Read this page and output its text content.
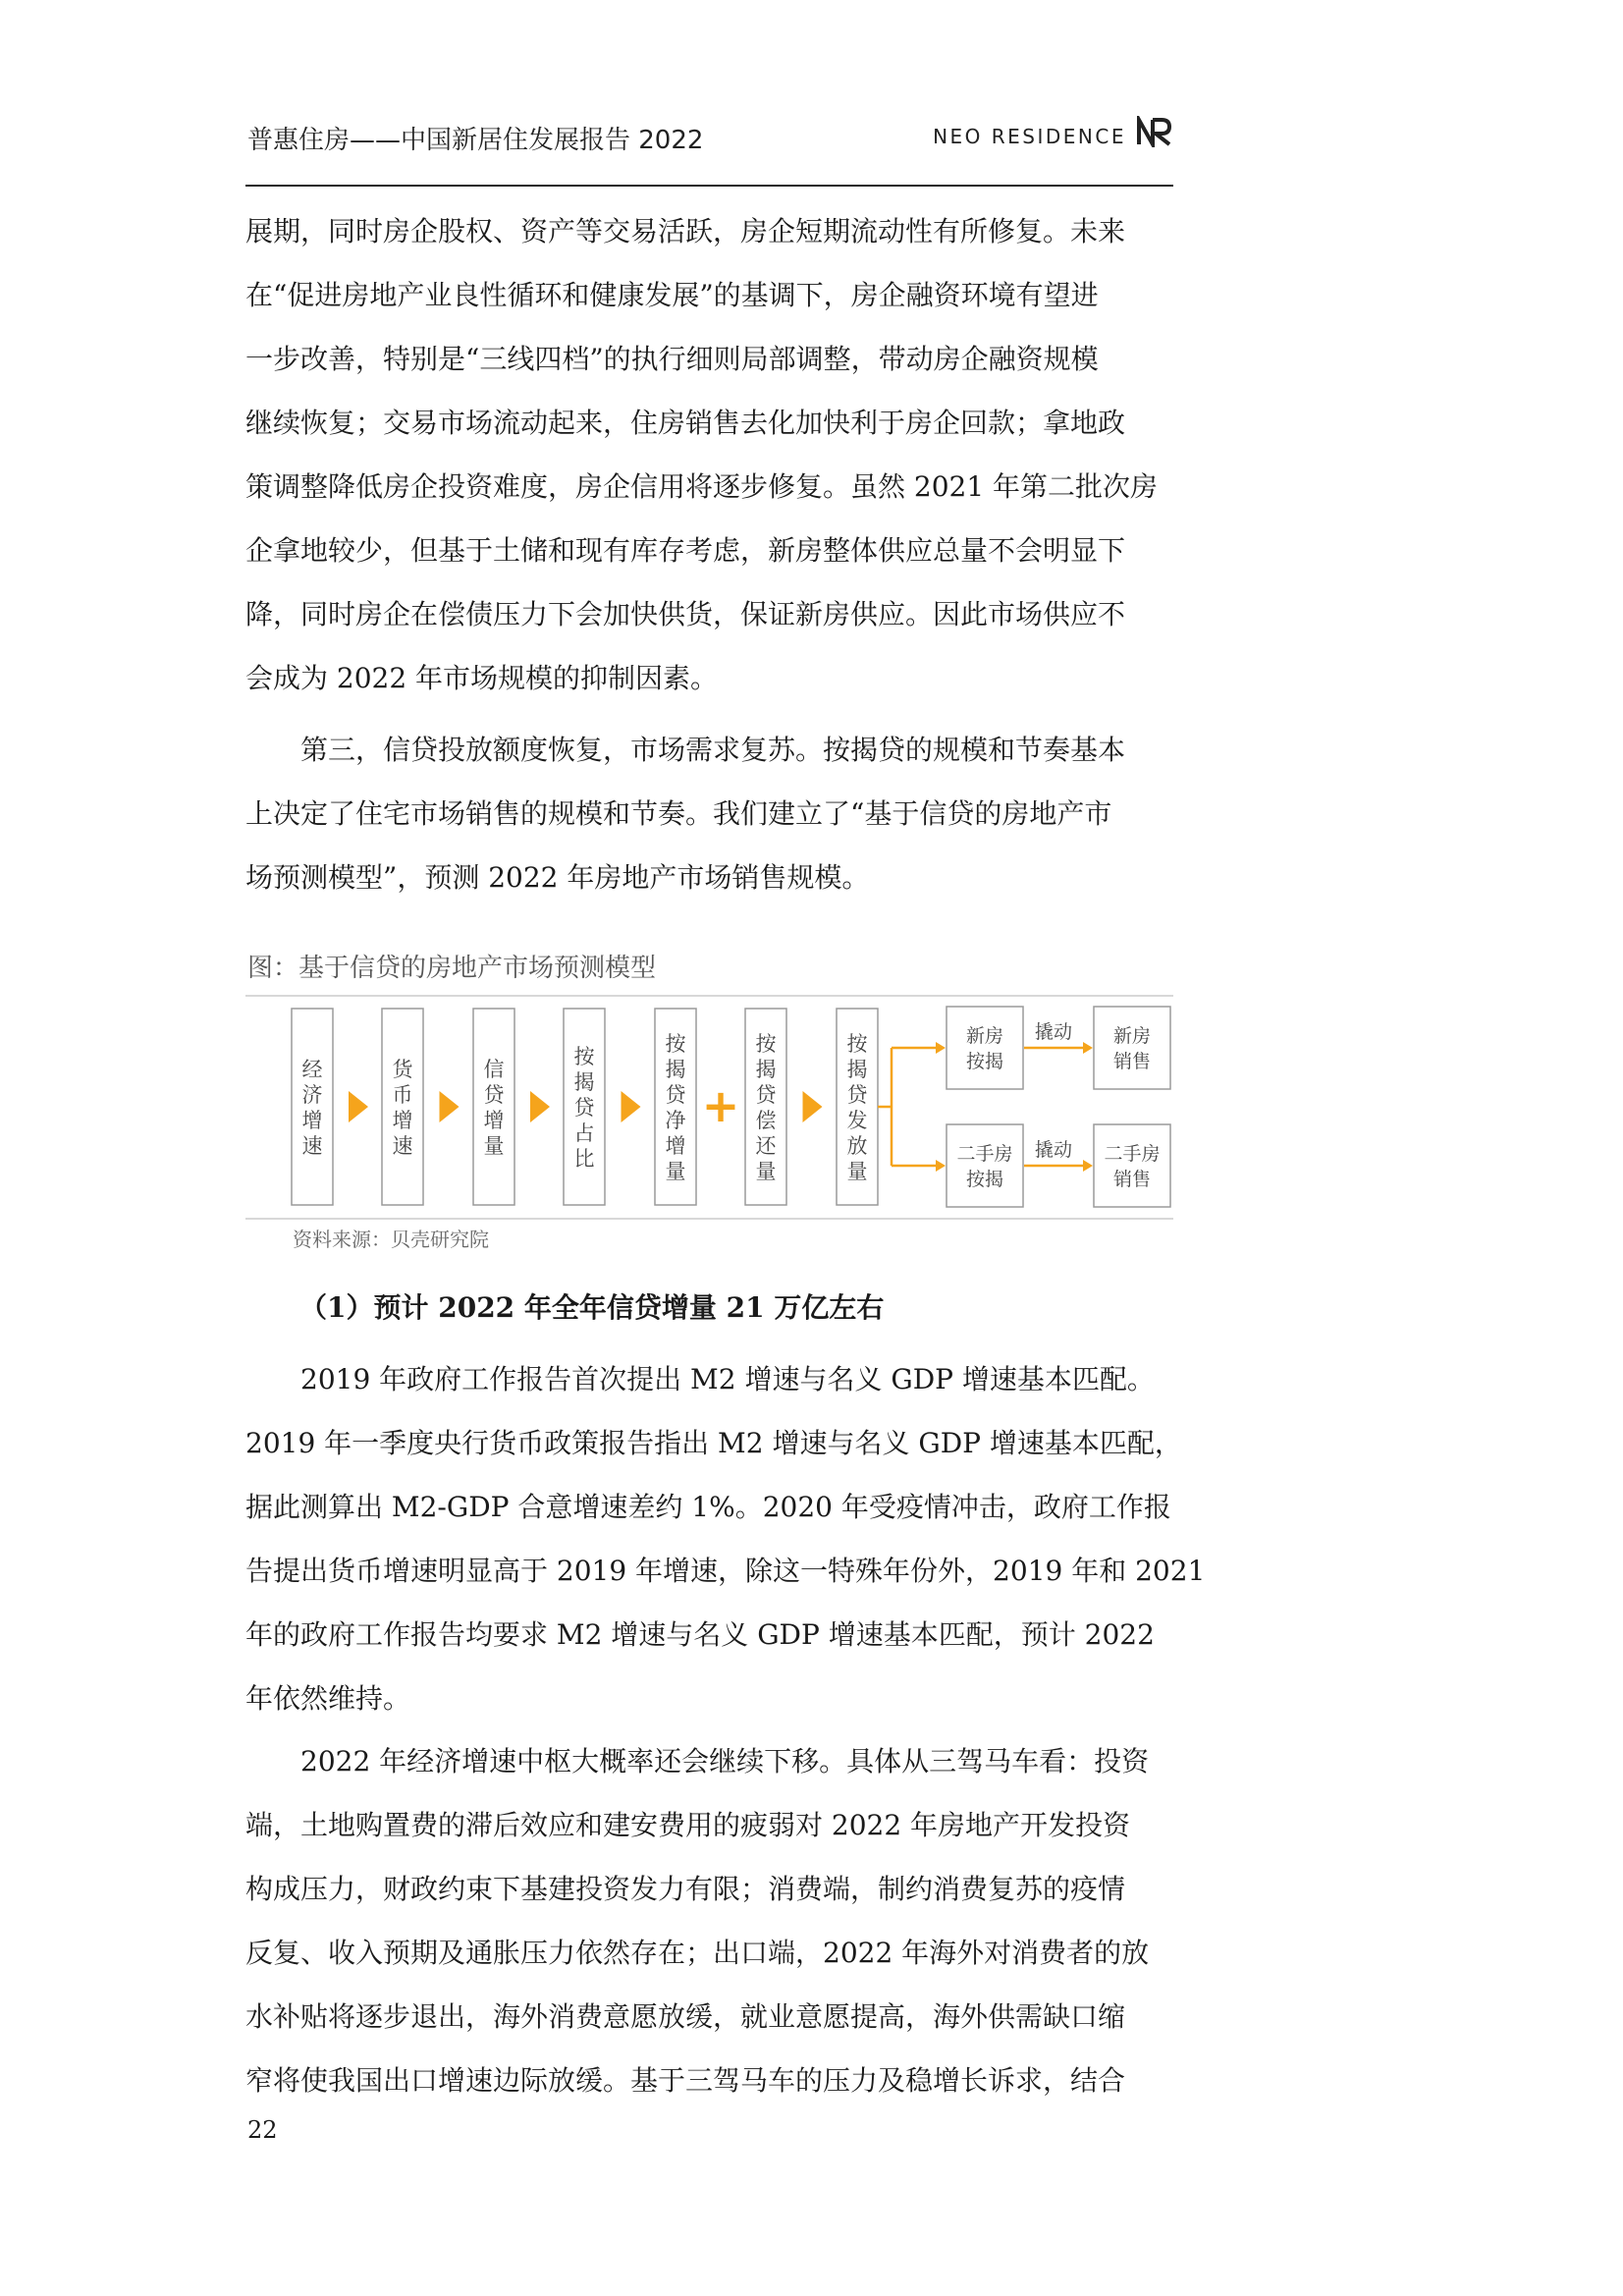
普惠住房——中国新居住发展报告 2022	NEO RESIDENCE
展期，同时房企股权、资产等交易活跃，房企短期流动性有所修复。未来
在“促进房地产业良性循环和健康发展”的基调下，房企融资环境有望进
一步改善，特别是“三线四档”的执行细则局部调整，带动房企融资规模
继续恢复；交易市场流动起来，住房销售去化加快利于房企回款；拿地政
策调整降低房企投资难度，房企信用将逐步修复。虽然 2021 年第二批次房
企拿地较少，但基于土储和现有库存考虑，新房整体供应总量不会明显下
降，同时房企在偿债压力下会加快供货，保证新房供应。因此市场供应不
会成为 2022 年市场规模的抑制因素。
第三，信贷投放额度恢复，市场需求复苏。按揭贷的规模和节奏基本
上决定了住宅市场销售的规模和节奏。我们建立了“基于信贷的房地产市
场预测模型”，预测 2022 年房地产市场销售规模。
图：基于信贷的房地产市场预测模型
经
济
增
速
货
币
增
速
信
贷
增
量
按
揭
贷
占
比
按
揭
贷
净
增
量
按
揭
贷
偿
还
量
按
揭
贷
发
放
量
+
撬动
撬动
新房
按揭
新房
销售
二手房
按揭
二手房
销售
资料来源：贝壳研究院
（1）预计 2022 年全年信贷增量 21 万亿左右
2019 年政府工作报告首次提出 M2 增速与名义 GDP 增速基本匹配。
2019 年一季度央行货币政策报告指出 M2 增速与名义 GDP 增速基本匹配，
据此测算出 M2-GDP 合意增速差约 1%。2020 年受疫情冲击，政府工作报
告提出货币增速明显高于 2019 年增速，除这一特殊年份外，2019 年和 2021
年的政府工作报告均要求 M2 增速与名义 GDP 增速基本匹配，预计 2022
年依然维持。
2022 年经济增速中枢大概率还会继续下移。具体从三驾马车看：投资
端，土地购置费的滞后效应和建安费用的疲弱对 2022 年房地产开发投资
构成压力，财政约束下基建投资发力有限；消费端，制约消费复苏的疫情
反复、收入预期及通胀压力依然存在；出口端，2022 年海外对消费者的放
水补贴将逐步退出，海外消费意愿放缓，就业意愿提高，海外供需缺口缩
窄将使我国出口增速边际放缓。基于三驾马车的压力及稳增长诉求，结合
22
